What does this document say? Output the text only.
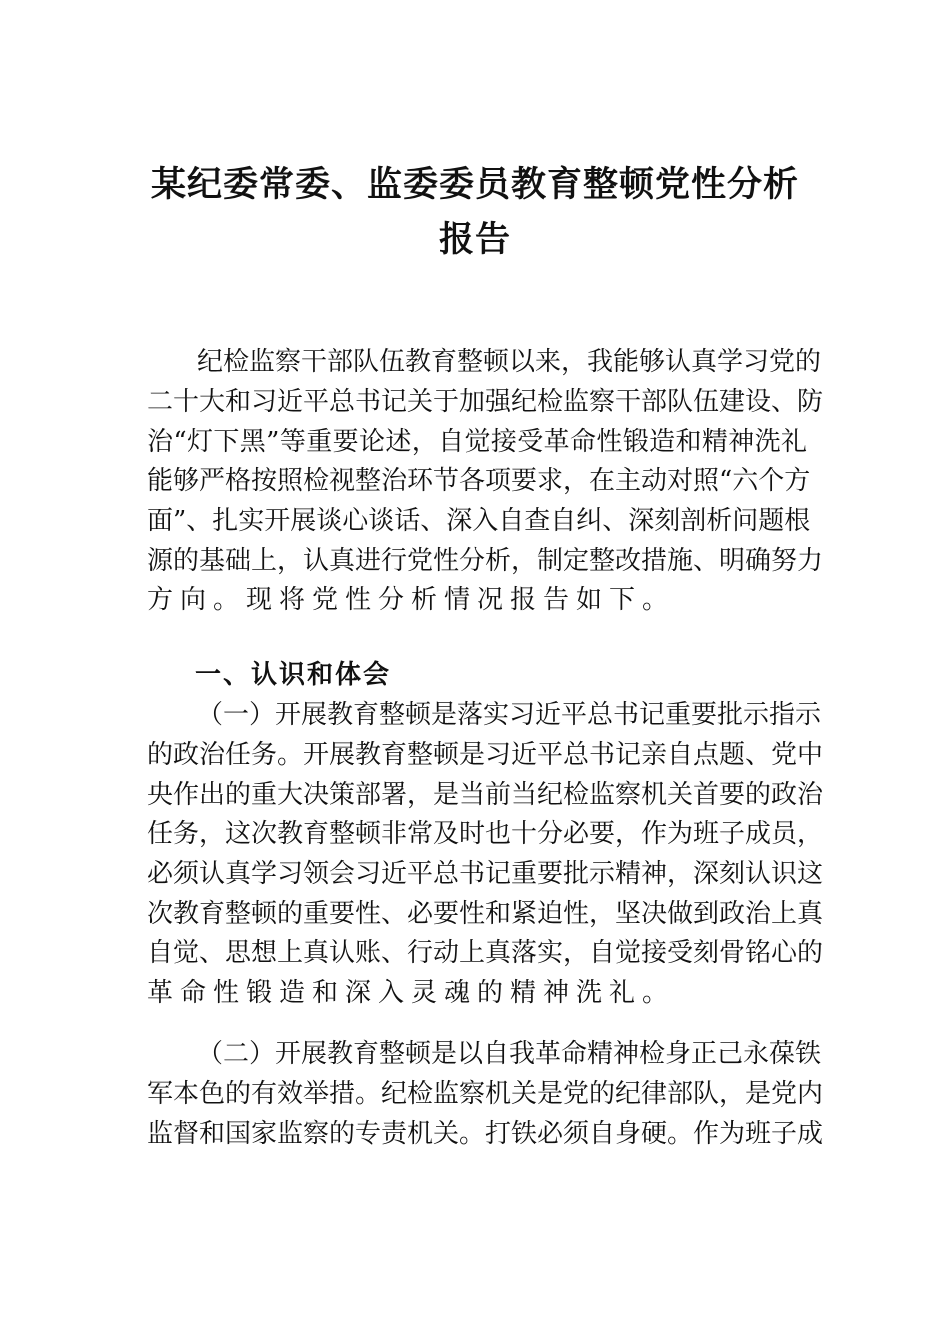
某纪委常委、监委委员教育整顿党性分析
报告
纪检监察干部队伍教育整顿以来，我能够认真学习党的
二十大和习近平总书记关于加强纪检监察干部队伍建设、防
治“灯下黑”等重要论述，自觉接受革命性锻造和精神洗礼
能够严格按照检视整治环节各项要求，在主动对照“六个方
面”、扎实开展谈心谈话、深入自查自纠、深刻剖析问题根
源的基础上，认真进行党性分析，制定整改措施、明确努力
方向。现将党性分析情况报告如下。
一、认识和体会
（一）开展教育整顿是落实习近平总书记重要批示指示
的政治任务。开展教育整顿是习近平总书记亲自点题、党中
央作出的重大决策部署，是当前当纪检监察机关首要的政治
任务，这次教育整顿非常及时也十分必要，作为班子成员，
必须认真学习领会习近平总书记重要批示精神，深刻认识这
次教育整顿的重要性、必要性和紧迫性，坚决做到政治上真
自觉、思想上真认账、行动上真落实，自觉接受刻骨铭心的
革命性锻造和深入灵魂的精神洗礼。
（二）开展教育整顿是以自我革命精神检身正己永葆铁
军本色的有效举措。纪检监察机关是党的纪律部队，是党内
监督和国家监察的专责机关。打铁必须自身硬。作为班子成
